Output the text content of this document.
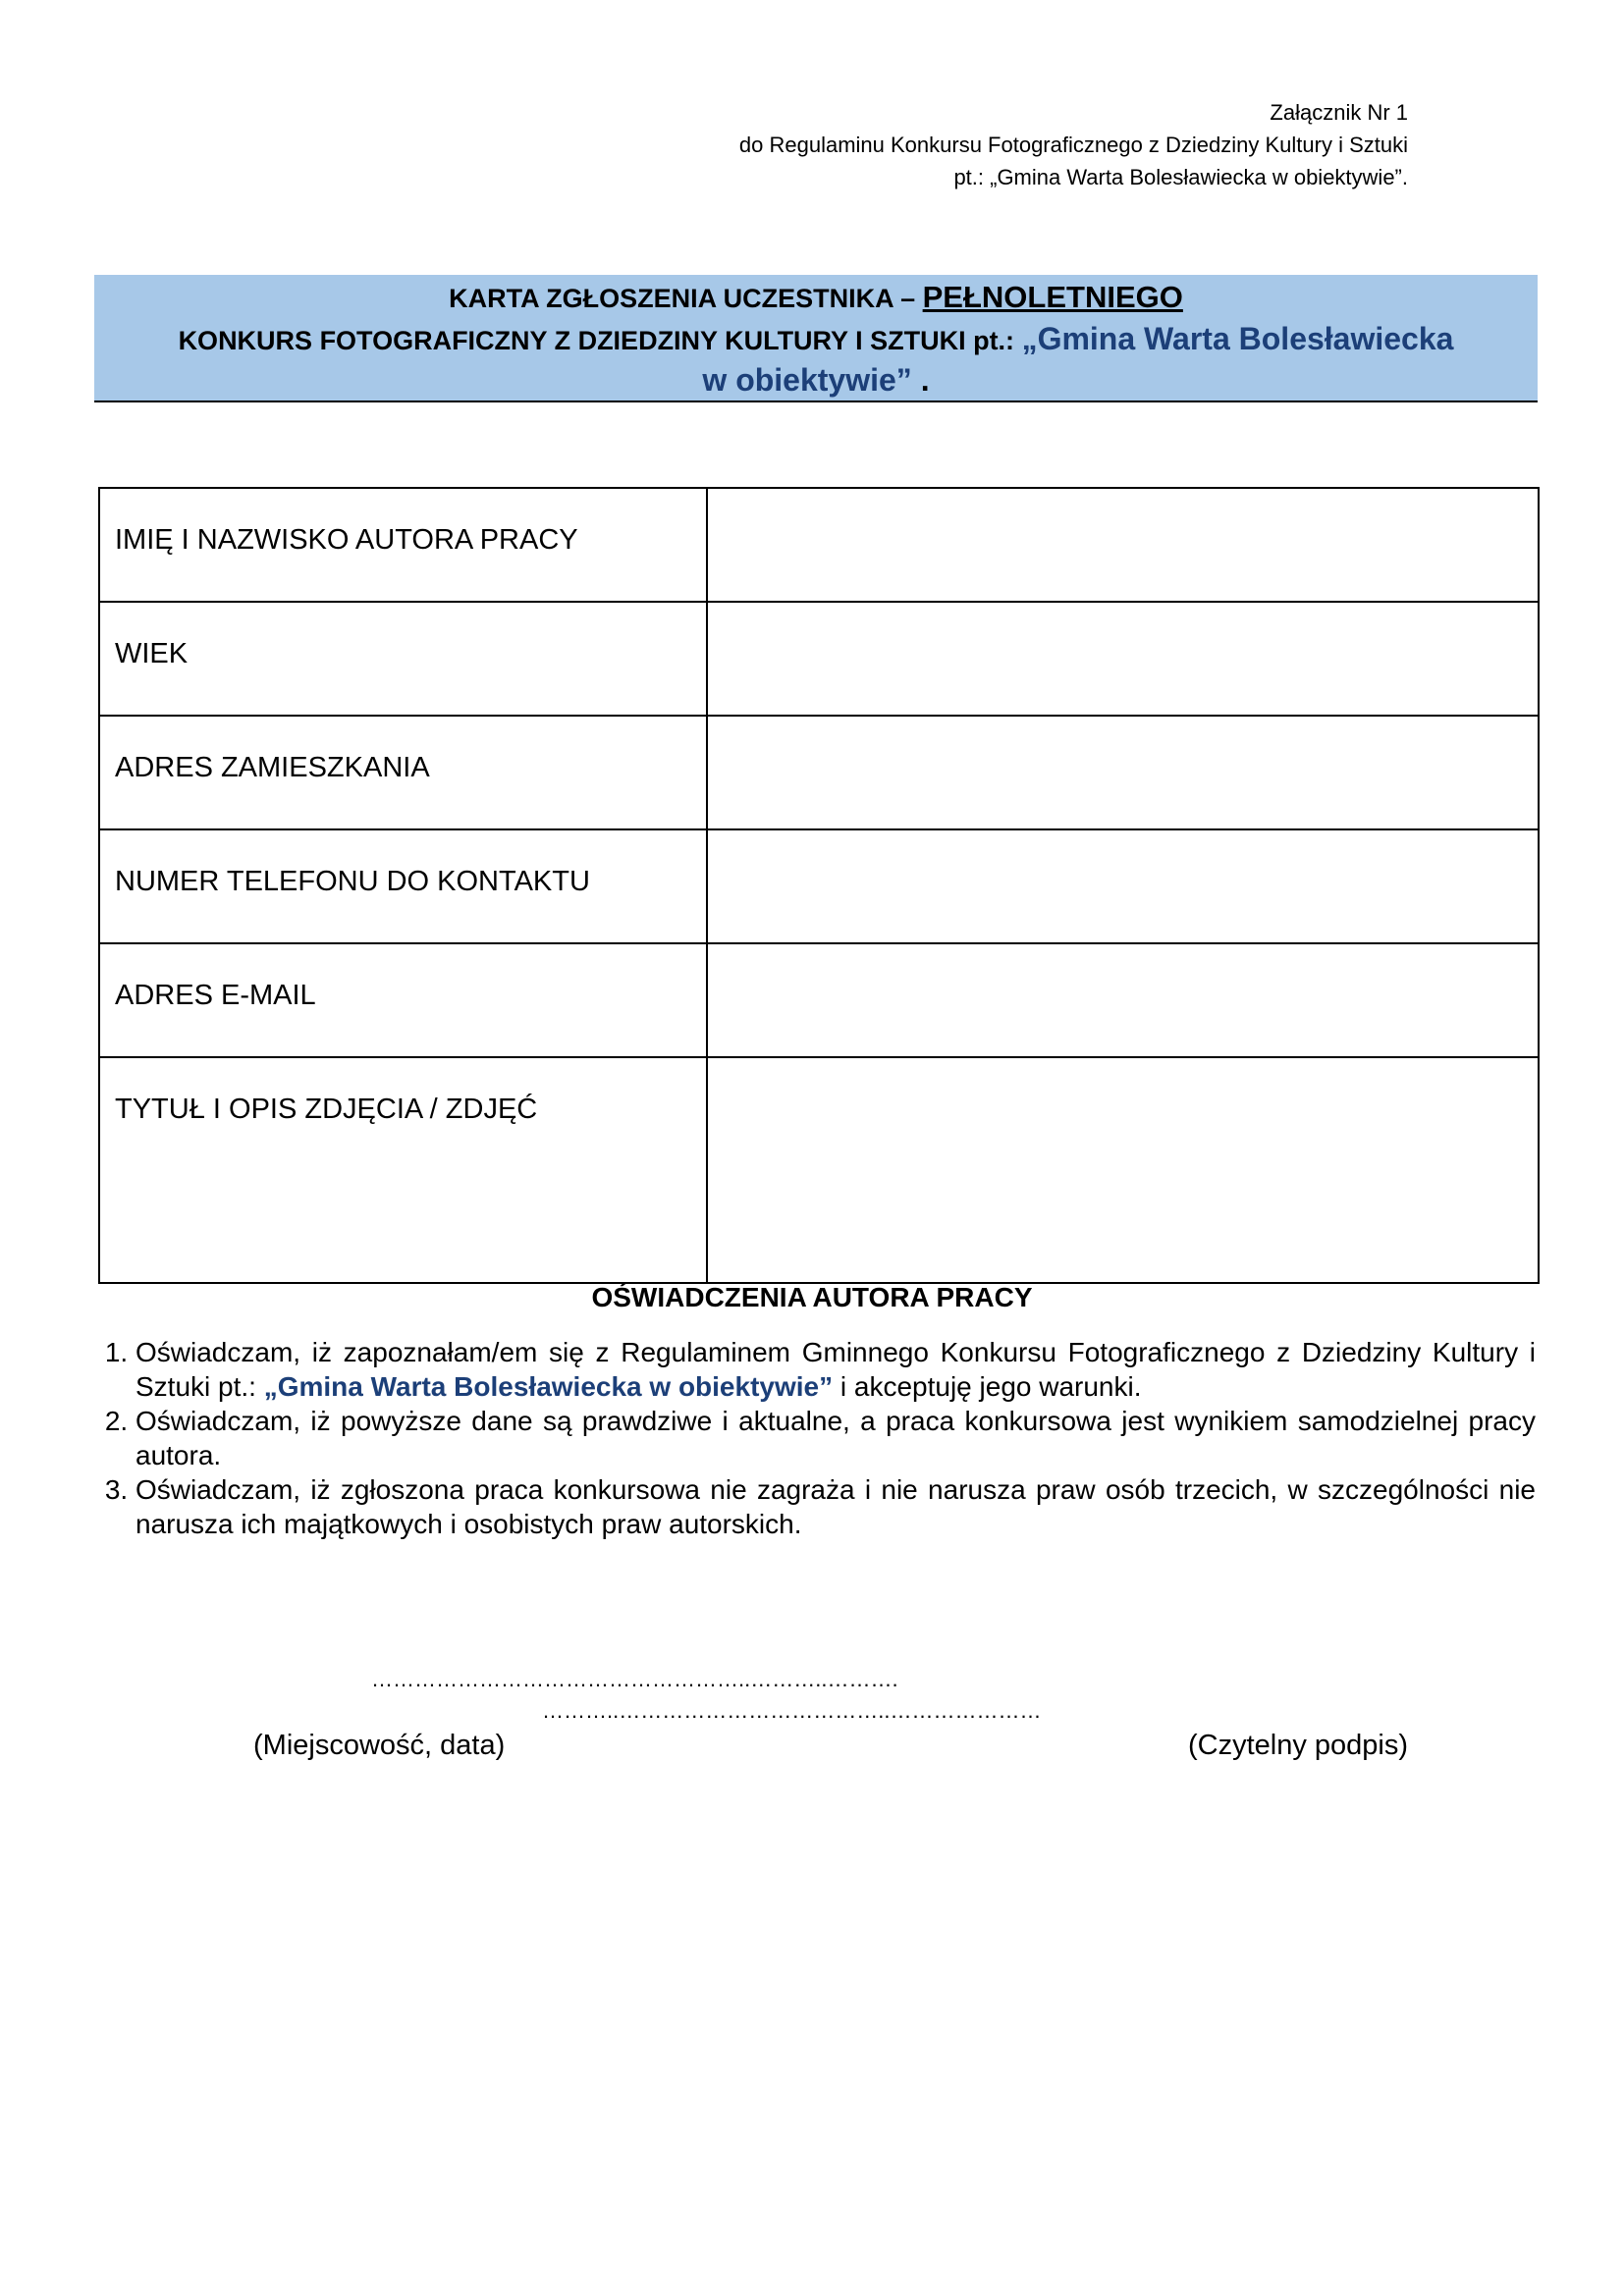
Załącznik Nr 1
do Regulaminu Konkursu Fotograficznego z Dziedziny Kultury i Sztuki
pt.: „Gmina Warta Bolesławiecka w obiektywie”.
KARTA ZGŁOSZENIA UCZESTNIKA – PEŁNOLETNIEGO
KONKURS FOTOGRAFICZNY Z DZIEDZINY KULTURY I SZTUKI pt.: „Gmina Warta Bolesławiecka
w obiektywie” .
IMIĘ I NAZWISKO AUTORA PRACY	
WIEK	
ADRES ZAMIESZKANIA	
NUMER TELEFONU DO KONTAKTU	
ADRES E-MAIL	
TYTUŁ I OPIS ZDJĘCIA / ZDJĘĆ	
OŚWIADCZENIA AUTORA PRACY
1. Oświadczam, iż zapoznałam/em się z Regulaminem Gminnego Konkursu Fotograficznego z Dziedziny Kultury i Sztuki pt.: „Gmina Warta Bolesławiecka w obiektywie” i akceptuję jego warunki.
2. Oświadczam, iż powyższe dane są prawdziwe i aktualne, a praca konkursowa jest wynikiem samodzielnej pracy autora.
3. Oświadczam, iż zgłoszona praca konkursowa nie zagraża i nie narusza praw osób trzecich, w szczególności nie narusza ich majątkowych i osobistych praw autorskich.
……………………………………………..………..……….
………..………………………………..…………………
(Miejscowość, data)	(Czytelny podpis)
